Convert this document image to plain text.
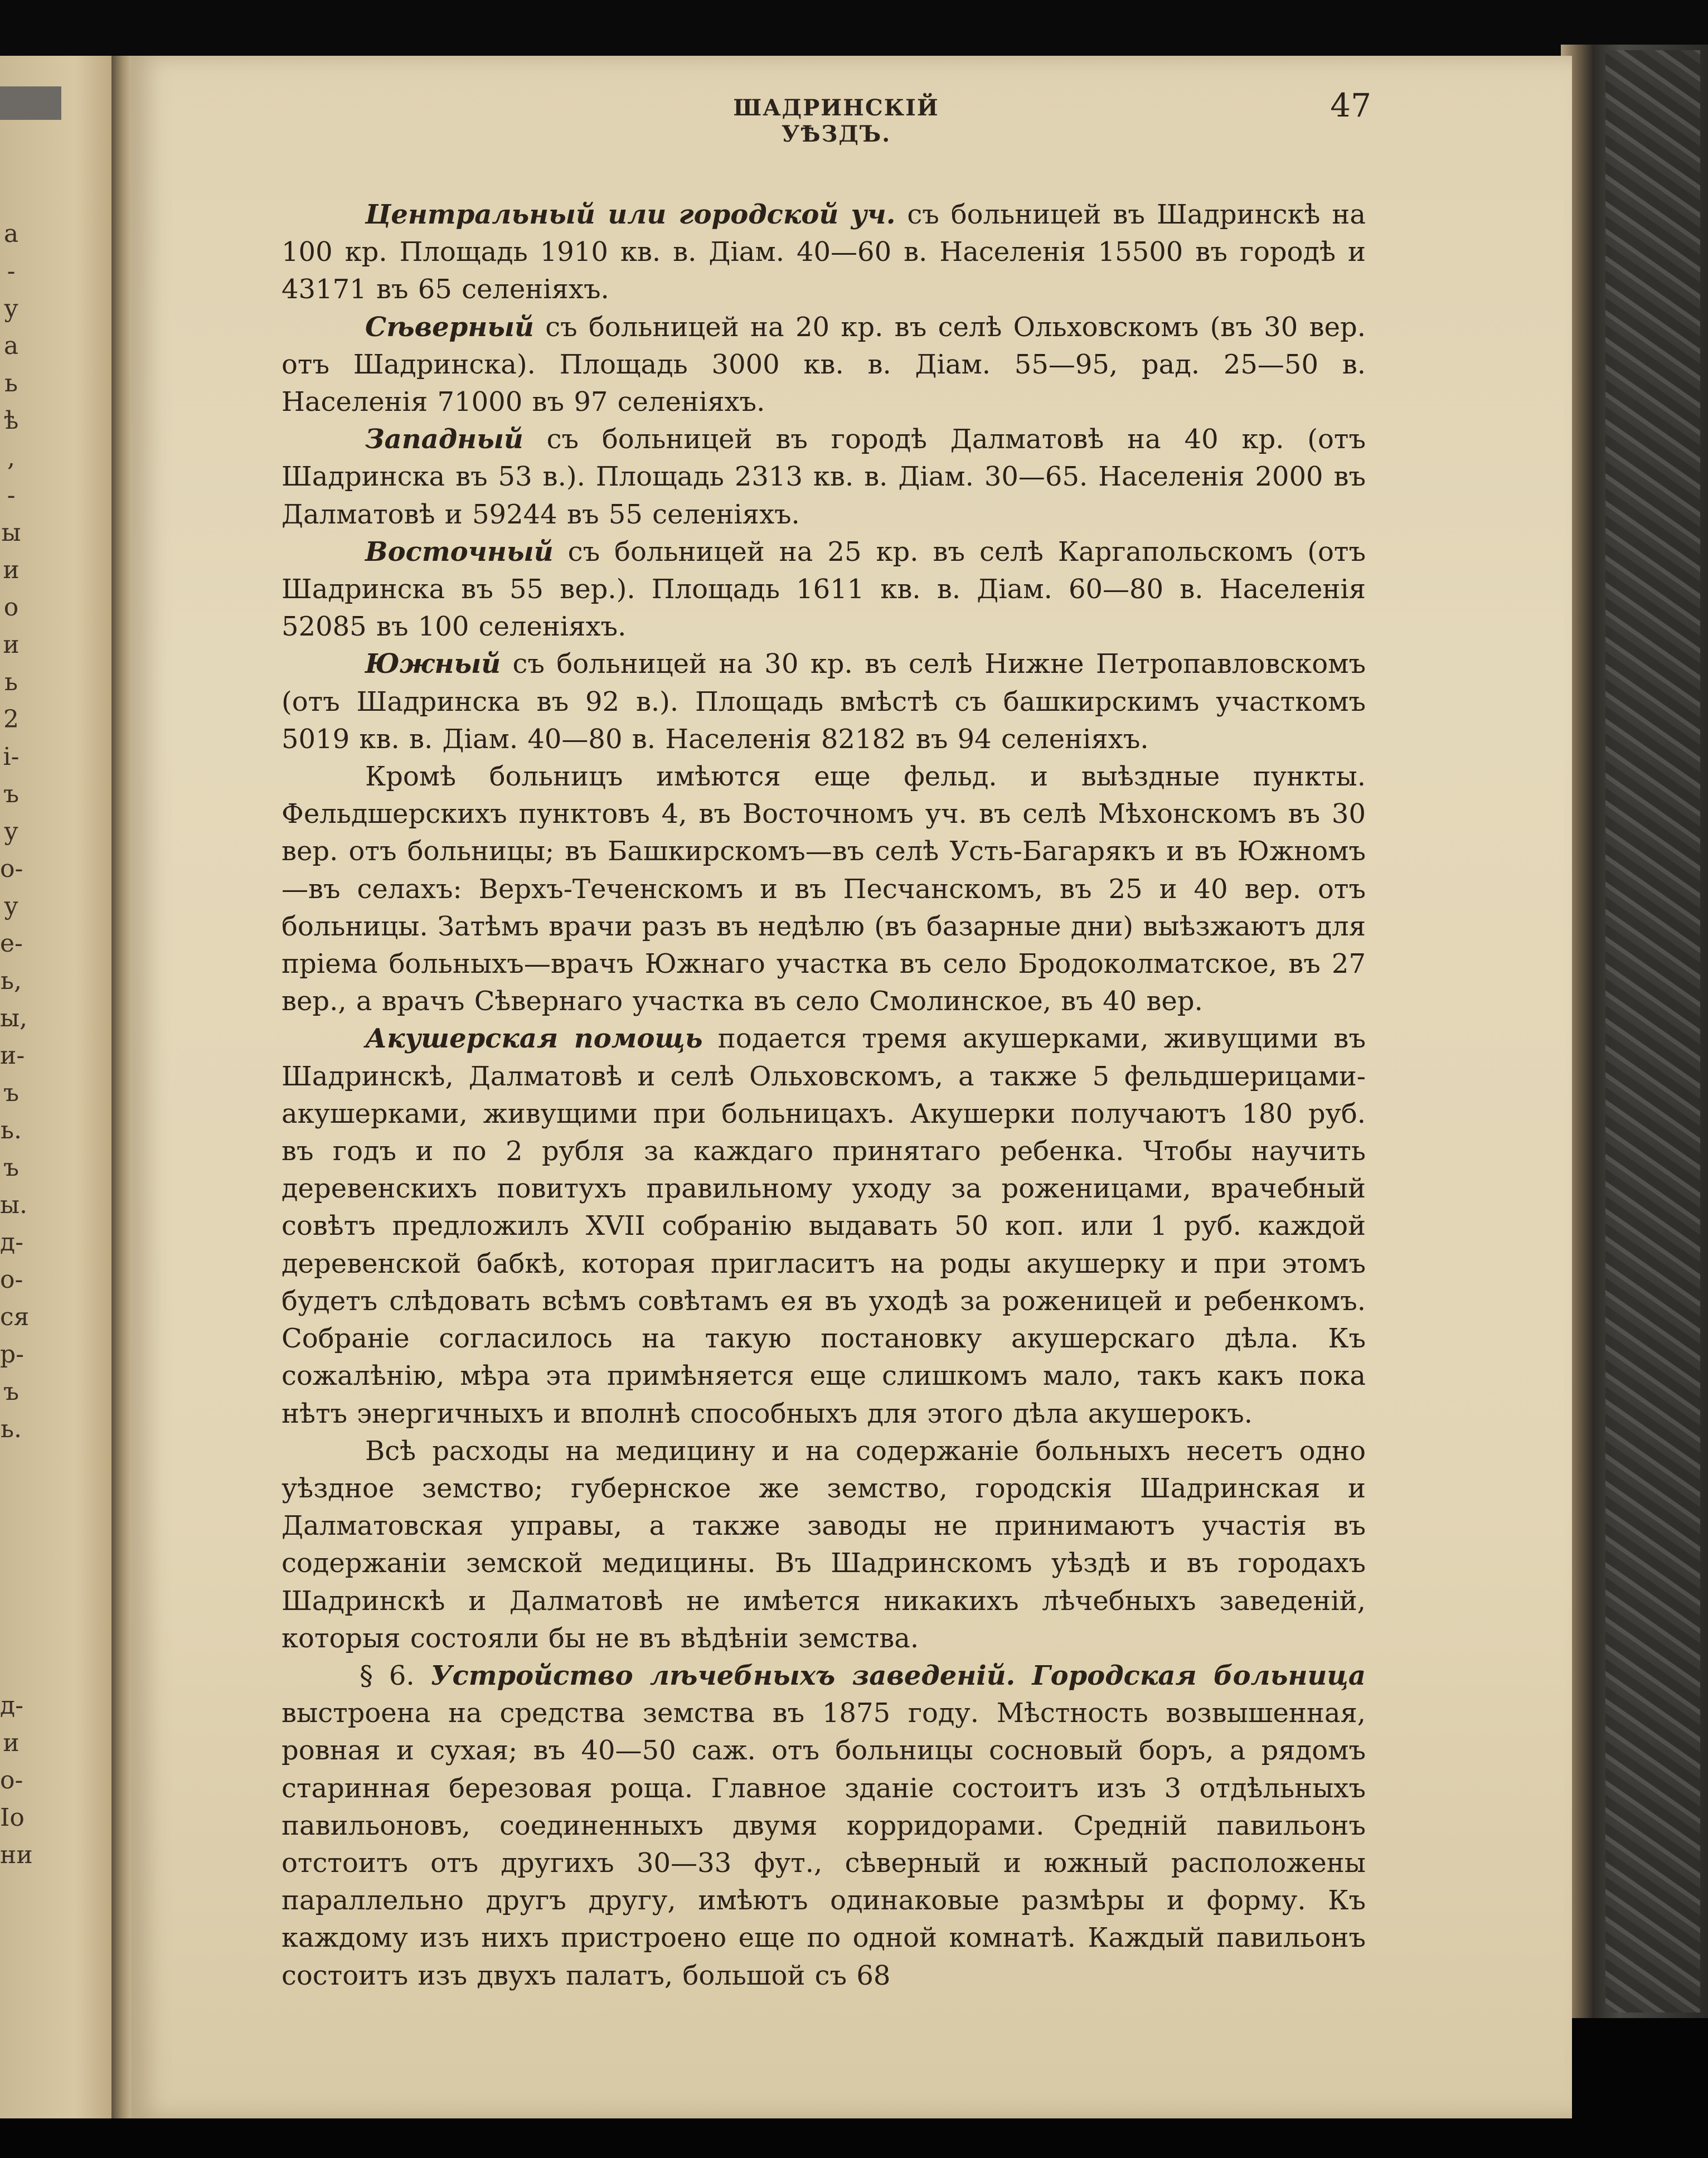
а
-
у
а
ь
ѣ
,
-
ы
и
о
и
ь
2
і-
ъ
у
о-
у
е-
ь,
ы,
и-
ъ
ь.
ъ
ы.
д-
о-
ся
р-
ъ
ь.
д-
и
о-
Іо
ни
ШАДРИНСКІЙ УѢЗДЪ.
47

Центральный или городской уч. съ больницей въ Шадринскѣ на 100 кр. Площадь 1910 кв. в. Діам. 40—60 в. Населенія 15500 въ городѣ и 43171 въ 65 селеніяхъ.

Сѣверный съ больницей на 20 кр. въ селѣ Ольховскомъ (въ 30 вер. отъ Шадринска). Площадь 3000 кв. в. Діам. 55—95, рад. 25—50 в. Населенія 71000 въ 97 селеніяхъ.

Западный съ больницей въ городѣ Далматовѣ на 40 кр. (отъ Шадринска въ 53 в.). Площадь 2313 кв. в. Діам. 30—65. Населенія 2000 въ Далматовѣ и 59244 въ 55 селеніяхъ.

Восточный съ больницей на 25 кр. въ селѣ Каргапольскомъ (отъ Шадринска въ 55 вер.). Площадь 1611 кв. в. Діам. 60—80 в. Населенія 52085 въ 100 селеніяхъ.

Южный съ больницей на 30 кр. въ селѣ Нижне Петропавловскомъ (отъ Шадринска въ 92 в.). Площадь вмѣстѣ съ башкирскимъ участкомъ 5019 кв. в. Діам. 40—80 в. Населенія 82182 въ 94 селеніяхъ.

Кромѣ больницъ имѣются еще фельд. и выѣздные пункты. Фельдшерскихъ пунктовъ 4, въ Восточномъ уч. въ селѣ Мѣхонскомъ въ 30 вер. отъ больницы; въ Башкирскомъ—въ селѣ Усть-Багарякъ и въ Южномъ—въ селахъ: Верхъ-Теченскомъ и въ Песчанскомъ, въ 25 и 40 вер. отъ больницы. Затѣмъ врачи разъ въ недѣлю (въ базарные дни) выѣзжаютъ для пріема больныхъ—врачъ Южнаго участка въ село Бродоколматское, въ 27 вер., а врачъ Сѣвернаго участка въ село Смолинское, въ 40 вер.

Акушерская помощь подается тремя акушерками, живущими въ Шадринскѣ, Далматовѣ и селѣ Ольховскомъ, а также 5 фельдшерицами-акушерками, живущими при больницахъ. Акушерки получаютъ 180 руб. въ годъ и по 2 рубля за каждаго принятаго ребенка. Чтобы научить деревенскихъ повитухъ правильному уходу за роженицами, врачебный совѣтъ предложилъ XVII собранію выдавать 50 коп. или 1 руб. каждой деревенской бабкѣ, которая пригласитъ на роды акушерку и при этомъ будетъ слѣдовать всѣмъ совѣтамъ ея въ уходѣ за роженицей и ребенкомъ. Собраніе согласилось на такую постановку акушерскаго дѣла. Къ сожалѣнію, мѣра эта примѣняется еще слишкомъ мало, такъ какъ пока нѣтъ энергичныхъ и вполнѣ способныхъ для этого дѣла акушерокъ.

Всѣ расходы на медицину и на содержаніе больныхъ несетъ одно уѣздное земство; губернское же земство, городскія Шадринская и Далматовская управы, а также заводы не принимаютъ участія въ содержаніи земской медицины. Въ Шадринскомъ уѣздѣ и въ городахъ Шадринскѣ и Далматовѣ не имѣется никакихъ лѣчебныхъ заведеній, которыя состояли бы не въ вѣдѣніи земства.

§ 6. Устройство лѣчебныхъ заведеній. Городская больница выстроена на средства земства въ 1875 году. Мѣстность возвышенная, ровная и сухая; въ 40—50 саж. отъ больницы сосновый боръ, а рядомъ старинная березовая роща. Главное зданіе состоитъ изъ 3 отдѣльныхъ павильоновъ, соединенныхъ двумя корридорами. Средній павильонъ отстоитъ отъ другихъ 30—33 фут., сѣверный и южный расположены параллельно другъ другу, имѣютъ одинаковые размѣры и форму. Къ каждому изъ нихъ пристроено еще по одной комнатѣ. Каждый павильонъ состоитъ изъ двухъ палатъ, большой съ 68
